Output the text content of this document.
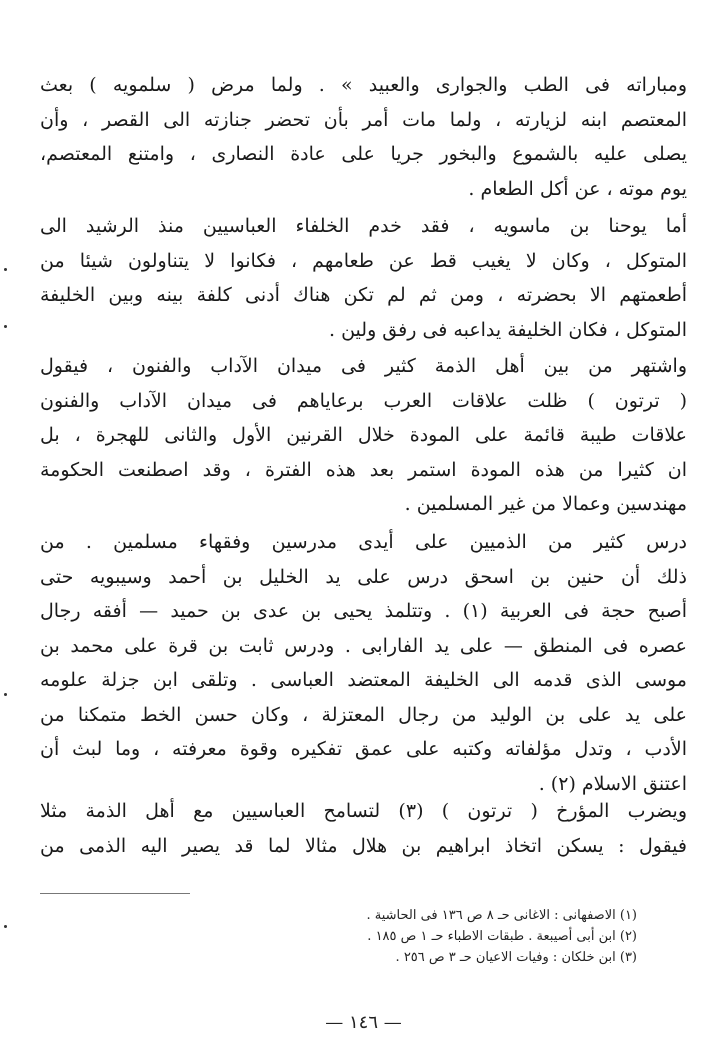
ومباراته فى الطب والجوارى والعبيد » . ولما مرض ( سلمويه ) بعث
المعتصم ابنه لزيارته ، ولما مات أمر بأن تحضر جنازته الى القصر ، وأن
يصلى عليه بالشموع والبخور جريا على عادة النصارى ، وامتنع المعتصم،
يوم موته ، عن أكل الطعام .
أما يوحنا بن ماسويه ، فقد خدم الخلفاء العباسيين منذ الرشيد الى
المتوكل ، وكان لا يغيب قط عن طعامهم ، فكانوا لا يتناولون شيئا من
أطعمتهم الا بحضرته ، ومن ثم لم تكن هناك أدنى كلفة بينه وبين الخليفة
المتوكل ، فكان الخليفة يداعبه فى رفق ولين .
واشتهر من بين أهل الذمة كثير فى ميدان الآداب والفنون ، فيقول
( ترتون ) ظلت علاقات العرب برعاياهم فى ميدان الآداب والفنون
علاقات طيبة قائمة على المودة خلال القرنين الأول والثانى للهجرة ، بل
ان كثيرا من هذه المودة استمر بعد هذه الفترة ، وقد اصطنعت الحكومة
مهندسين وعمالا من غير المسلمين .
درس كثير من الذميين على أيدى مدرسين وفقهاء مسلمين . من
ذلك أن حنين بن اسحق درس على يد الخليل بن أحمد وسيبويه حتى
أصبح حجة فى العربية (١) . وتتلمذ يحيى بن عدى بن حميد — أفقه رجال
عصره فى المنطق — على يد الفارابى . ودرس ثابت بن قرة على محمد بن
موسى الذى قدمه الى الخليفة المعتضد العباسى . وتلقى ابن جزلة علومه
على يد على بن الوليد من رجال المعتزلة ، وكان حسن الخط متمكنا من
الأدب ، وتدل مؤلفاته وكتبه على عمق تفكيره وقوة معرفته ، وما لبث أن
اعتنق الاسلام (٢) .
ويضرب المؤرخ ( ترتون ) (٣) لتسامح العباسيين مع أهل الذمة مثلا
فيقول : يسكن اتخاذ ابراهيم بن هلال مثالا لما قد يصير اليه الذمى من
(١) الاصفهانى : الاغانى حـ ٨ ص ١٣٦ فى الحاشية .
(٢) ابن أبى أصيبعة . طبقات الاطباء حـ ١ ص ١٨٥ .
(٣) ابن خلكان : وفيات الاعيان حـ ٣ ص ٢٥٦ .
— ١٤٦ —
